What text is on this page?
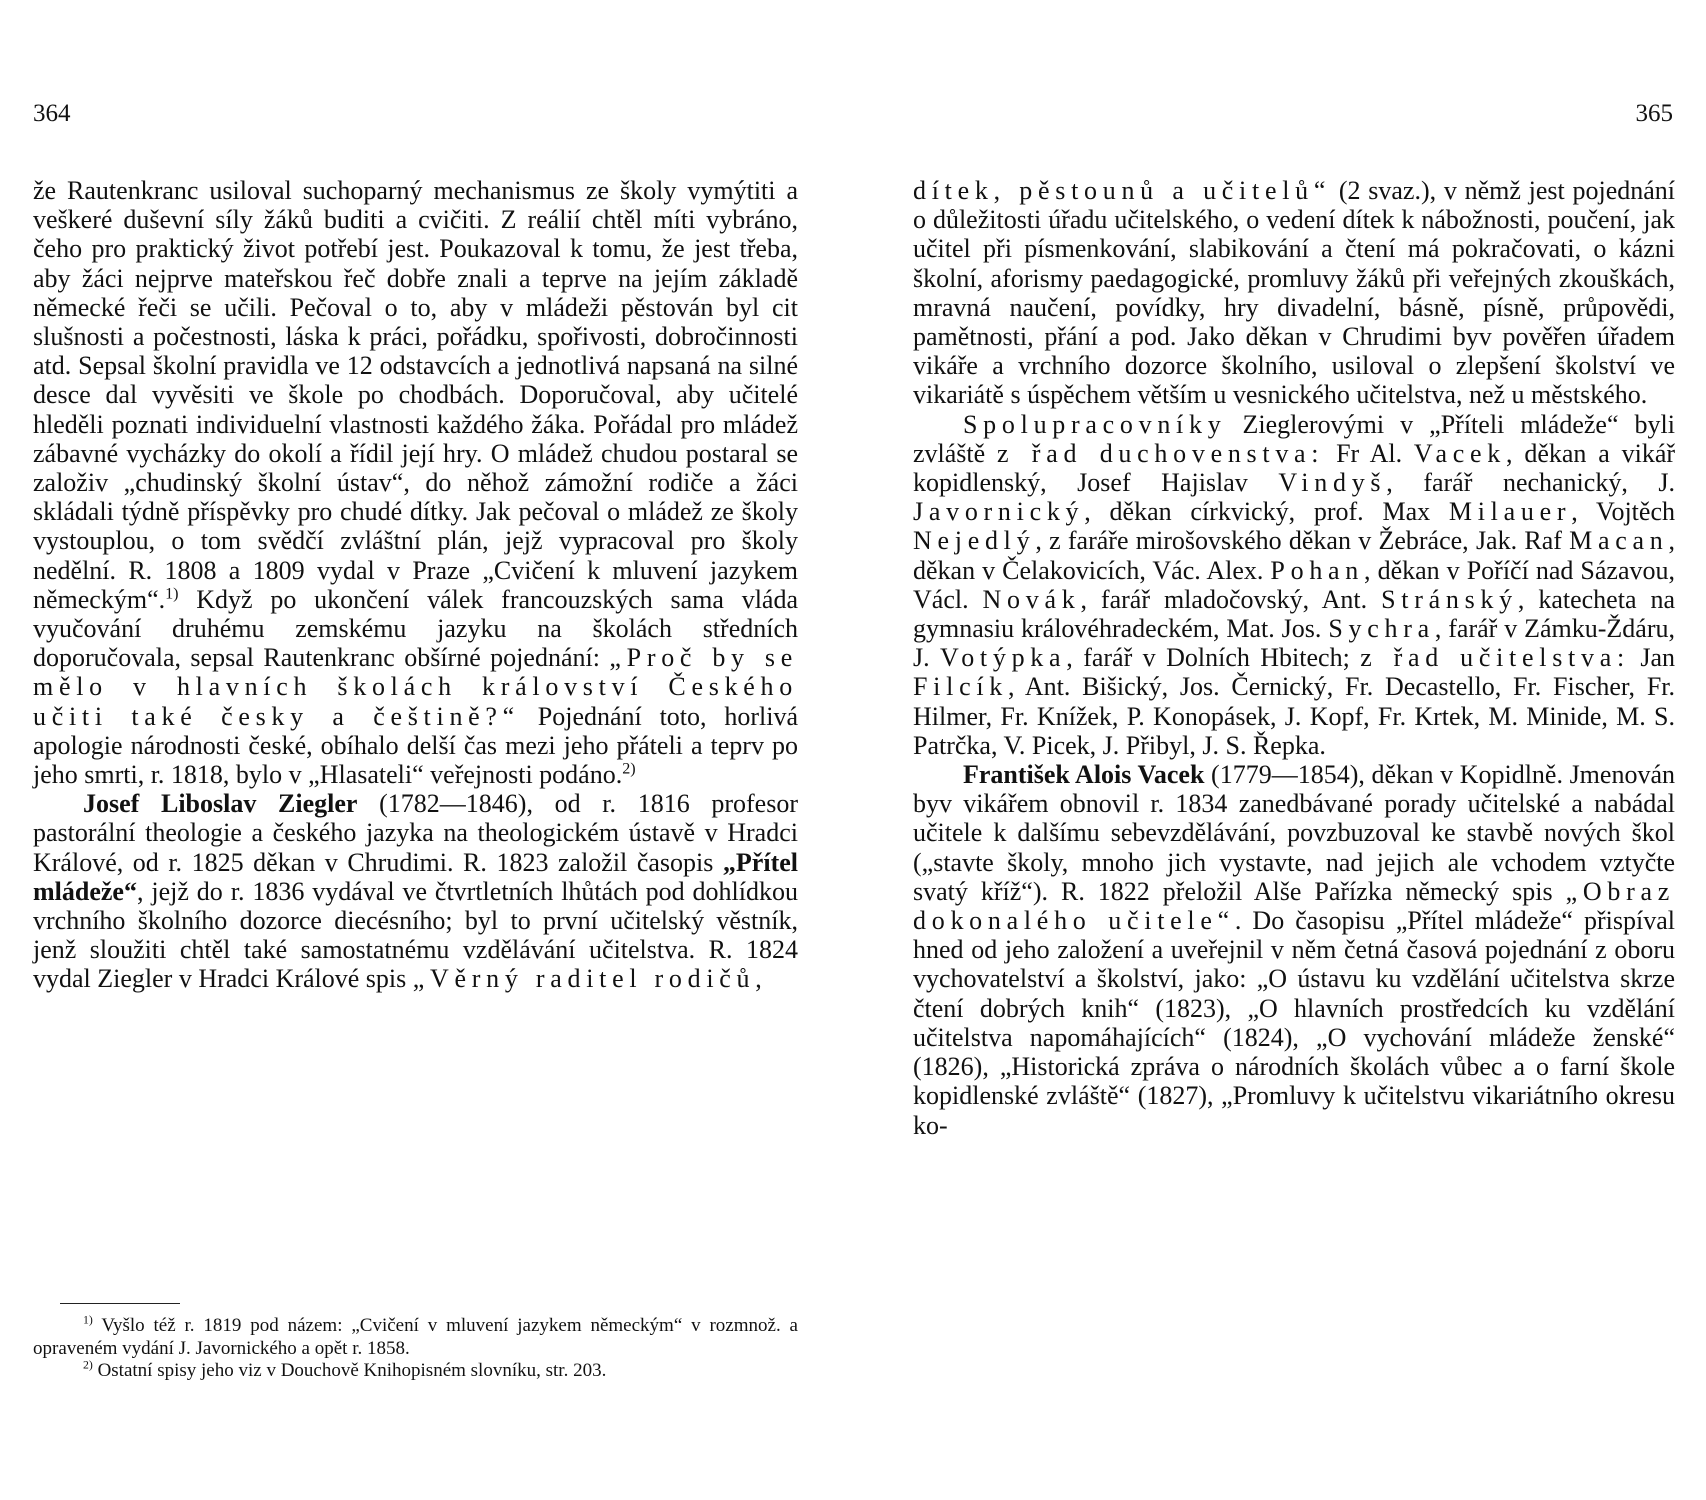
364

že Rautenkranc usiloval suchoparný mechanismus ze školy vymýtiti a veškeré duševní síly žáků buditi a cvičiti. Z reálií chtěl míti vybráno, čeho pro praktický život potřebí jest. Poukazoval k tomu, že jest třeba, aby žáci nejprve mateřskou řeč dobře znali a teprve na jejím základě německé řeči se učili. Pečoval o to, aby v mládeži pěstován byl cit slušnosti a počestnosti, láska k práci, pořádku, spořivosti, dobročinnosti atd. Sepsal školní pravidla ve 12 odstavcích a jednotlivá napsaná na silné desce dal vyvěsiti ve škole po chodbách. Doporučoval, aby učitelé hleděli poznati individuelní vlastnosti každého žáka. Pořádal pro mládež zábavné vycházky do okolí a řídil její hry. O mládež chudou postaral se založiv „chudinský školní ústav“, do něhož zámožní rodiče a žáci skládali týdně příspěvky pro chudé dítky. Jak pečoval o mládež ze školy vystouplou, o tom svědčí zvláštní plán, jejž vypracoval pro školy nedělní. R. 1808 a 1809 vydal v Praze „Cvičení k mluvení jazykem německým“.$^{1)}$ Když po ukončení válek francouzských sama vláda vyučování druhému zemskému jazyku na školách středních doporučovala, sepsal Rautenkranc obšírné pojednání: „Proč by se mělo v hlavních školách království Českého učiti také česky a češtině?“ Pojednání toto, horlivá apologie národnosti české, obíhalo delší čas mezi jeho přáteli a teprv po jeho smrti, r. 1818, bylo v „Hlasateli“ veřejnosti podáno.$^{2)}$

Josef Liboslav Ziegler (1782—1846), od r. 1816 profesor pastorální theologie a českého jazyka na theologickém ústavě v Hradci Králové, od r. 1825 děkan v Chrudimi. R. 1823 založil časopis „Přítel mládeže“, jejž do r. 1836 vydával ve čtvrtletních lhůtách pod dohlídkou vrchního školního dozorce diecésního; byl to první učitelský věstník, jenž sloužiti chtěl také samostatnému vzdělávání učitelstva. R. 1824 vydal Ziegler v Hradci Králové spis „Věrný raditel rodičů,

$^{1)}$ Vyšlo též r. 1819 pod názem: „Cvičení v mluvení jazykem německým“ v rozmnož. a opraveném vydání J. Javornického a opět r. 1858.

$^{2)}$ Ostatní spisy jeho viz v Douchově Knihopisném slovníku, str. 203.

365

dítek, pěstounů a učitelů“ (2 svaz.), v němž jest pojednání o důležitosti úřadu učitelského, o vedení dítek k nábožnosti, poučení, jak učitel při písmenkování, slabikování a čtení má pokračovati, o kázni školní, aforismy paedagogické, promluvy žáků při veřejných zkouškách, mravná naučení, povídky, hry divadelní, básně, písně, průpovědi, pamětnosti, přání a pod. Jako děkan v Chrudimi byv pověřen úřadem vikáře a vrchního dozorce školního, usiloval o zlepšení školství ve vikariátě s úspěchem větším u vesnického učitelstva, než u městského.

Spolupracovníky Zieglerovými v „Příteli mládeže“ byli zvláště z řad duchovenstva: Fr Al. Vacek, děkan a vikář kopidlenský, Josef Hajislav Vindyš, farář nechanický, J. Javornický, děkan církvický, prof. Max Milauer, Vojtěch Nejedlý, z faráře mirošovského děkan v Žebráce, Jak. Raf Macan, děkan v Čelakovicích, Vác. Alex. Pohan, děkan v Poříčí nad Sázavou, Václ. Novák, farář mladočovský, Ant. Stránský, katecheta na gymnasiu královéhradeckém, Mat. Jos. Sychra, farář v Zámku-Ždáru, J. Votýpka, farář v Dolních Hbitech; z řad učitelstva: Jan Filcík, Ant. Bišický, Jos. Černický, Fr. Decastello, Fr. Fischer, Fr. Hilmer, Fr. Knížek, P. Konopásek, J. Kopf, Fr. Krtek, M. Minide, M. S. Patrčka, V. Picek, J. Přibyl, J. S. Řepka.

František Alois Vacek (1779—1854), děkan v Kopidlně. Jmenován byv vikářem obnovil r. 1834 zanedbávané porady učitelské a nabádal učitele k dalšímu sebevzdělávání, povzbuzoval ke stavbě nových škol („stavte školy, mnoho jich vystavte, nad jejich ale vchodem vztyčte svatý kříž“). R. 1822 přeložil Alše Pařízka německý spis „Obraz dokonalého učitele“. Do časopisu „Přítel mládeže“ přispíval hned od jeho založení a uveřejnil v něm četná časová pojednání z oboru vychovatelství a školství, jako: „O ústavu ku vzdělání učitelstva skrze čtení dobrých knih“ (1823), „O hlavních prostředcích ku vzdělání učitelstva napomáhajících“ (1824), „O vychování mládeže ženské“ (1826), „Historická zpráva o národních školách vůbec a o farní škole kopidlenské zvláště“ (1827), „Promluvy k učitelstvu vikariátního okresu ko-
